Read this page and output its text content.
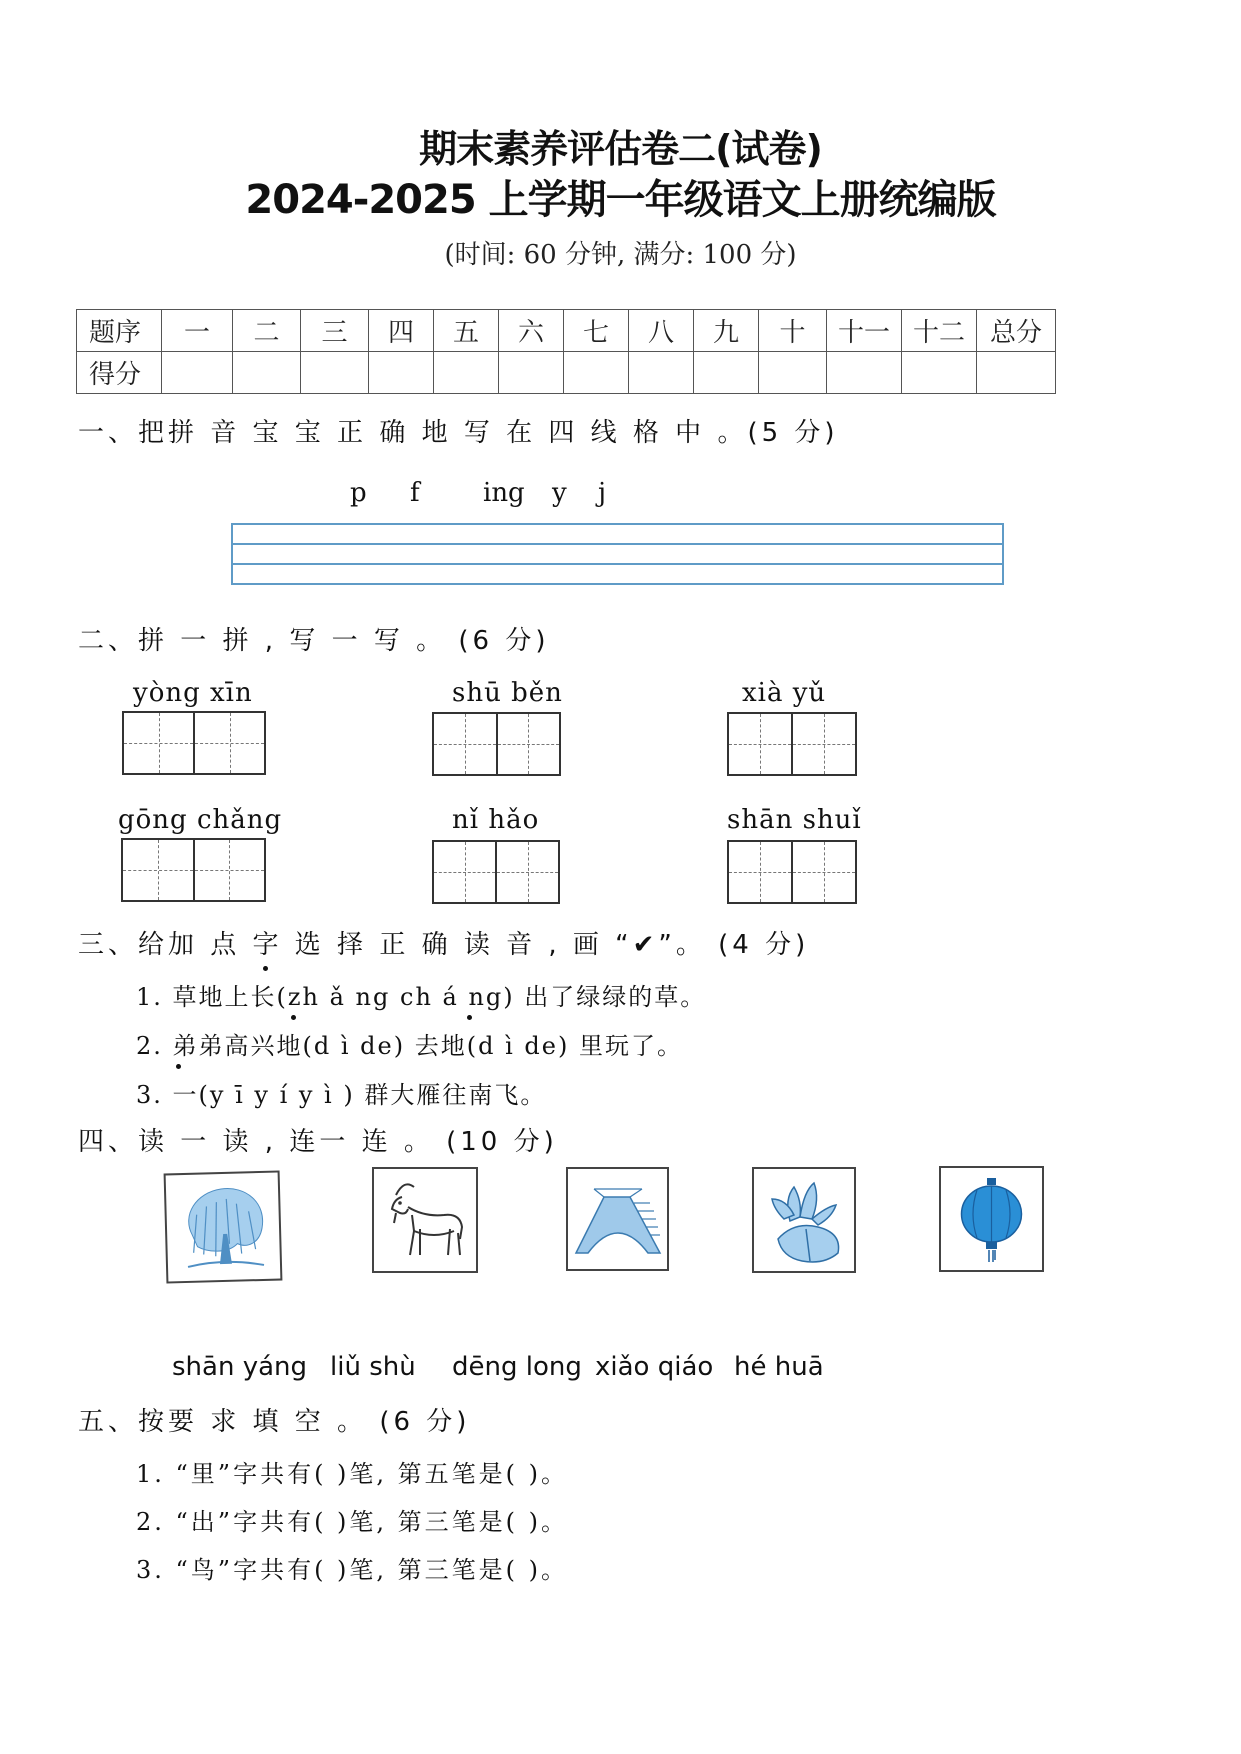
期末素养评估卷二(试卷)
2024-2025 上学期一年级语文上册统编版
(时间: 60 分钟, 满分: 100 分)
题序	一	二	三	四	五	六	七	八	九	十	十一	十二	总分
得分													
一、把拼 音 宝 宝 正 确 地 写 在 四 线 格 中 。(5 分)
p f ing y j
二、拼 一 拼 , 写 一 写 。 (6 分)
yòng xīn	shū běn	xià yǔ
gōng chǎng	nǐ hǎo	shān shuǐ
三、给加 点 字 选 择 正 确 读 音 , 画 “✔”。 (4 分)
1. 草地上长(zh ǎ ng ch á ng) 出了绿绿的草。
2. 弟弟高兴地(d ì de) 去地(d ì de) 里玩了。
3. 一(y ī y í y ì ) 群大雁往南飞。
四、读 一 读 , 连一 连 。 (10 分)
shān yáng liǔ shù dēng long xiǎo qiáo hé huā
五、按要 求 填 空 。 (6 分)
1. “里”字共有( )笔, 第五笔是( )。
2. “出”字共有( )笔, 第三笔是( )。
3. “鸟”字共有( )笔, 第三笔是( )。
